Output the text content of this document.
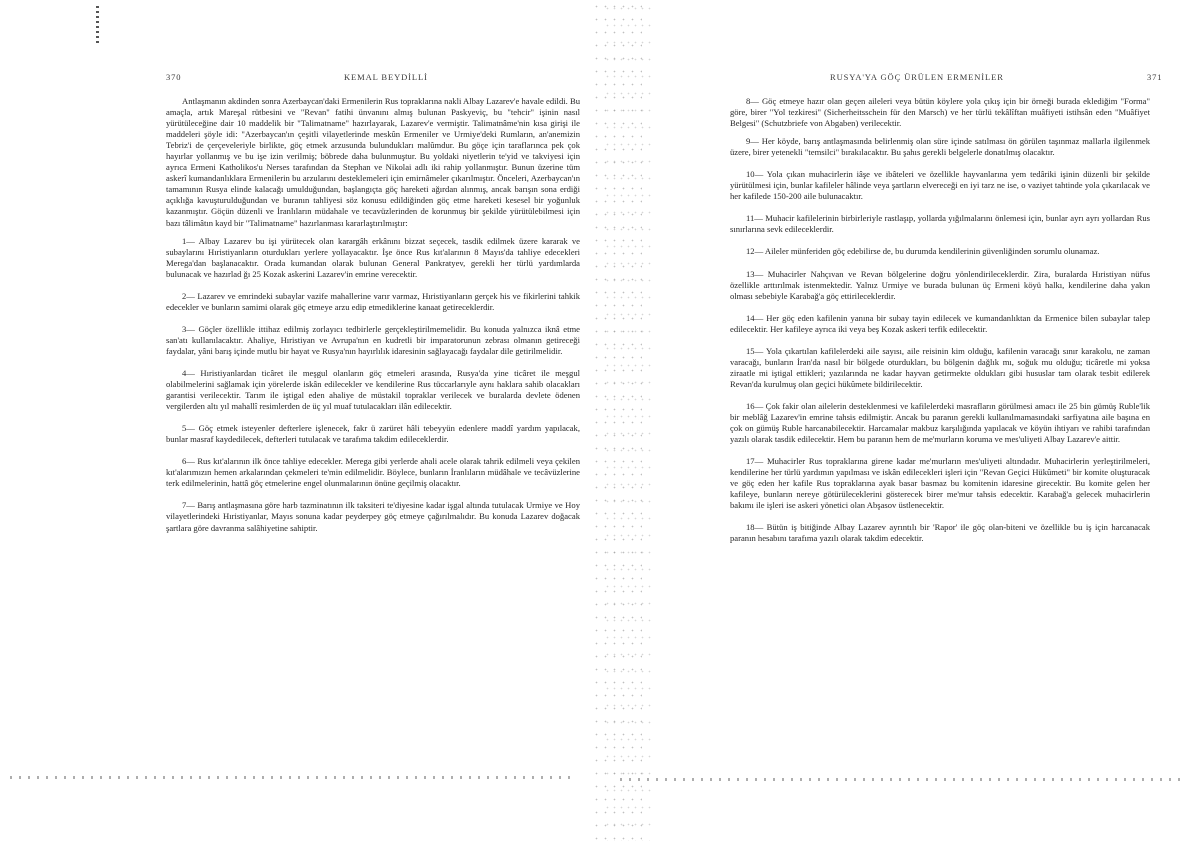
370	KEMAL BEYDİLLİ

Antlaşmanın akdinden sonra Azerbaycan'daki Ermenilerin Rus topraklarına nakli Albay Lazarev'e havale edildi. Bu amaçla, artık Mareşal rütbesini ve "Revan" fatihi ünvanını almış bulunan Paskyeviç, bu "tehcir" işinin nasıl yürütüleceğine dair 10 maddelik bir "Talimatname" hazırlayarak, Lazarev'e vermiştir. Talimatnâme'nin kısa girişi ile maddeleri şöyle idi: "Azerbaycan'ın çeşitli vilayetlerinde meskûn Ermeniler ve Urmiye'deki Rumların, an'anemizin Tebriz'i de çerçeveleriyle birlikte, göç etmek arzusunda bulundukları malûmdur. Bu göçe için taraflarınca pek çok hayırlar yollanmış ve bu işe izin verilmiş; böbrede daha bulunmuştur. Bu yoldaki niyetlerin te'yid ve takviyesi için ayrıca Ermeni Katholikos'u Nerses tarafından da Stephan ve Nikolai adlı iki rahip yollanmıştır. Bunun üzerine tüm askerî kumandanlıklara Ermenilerin bu arzularını desteklemeleri için emirnâmeler çıkarılmıştır. Önceleri, Azerbaycan'ın tamamının Rusya elinde kalacağı umulduğundan, başlangıçta göç hareketi ağırdan alınmış, ancak barışın sona erdiği açıklığa kavuşturulduğundan ve buranın tahliyesi söz konusu edildiğinden göç etme hareketi kesesel bir yoğunluk kazanmıştır. Göçün düzenli ve İranlıların müdahale ve tecavüzlerinden de korunmuş bir şekilde yürütülebilmesi için bazı tâlimâtın kayd bir "Talimatname" hazırlanması kararlaştırılmıştır:

1— Albay Lazarev bu işi yürütecek olan karargâh erkânını bizzat seçecek, tasdik edilmek üzere kararak ve subaylarını Hıristiyanların oturdukları yerlere yollayacaktır. İşe önce Rus kıt'alarının 8 Mayıs'da tahliye edecekleri Merega'dan başlanacaktır. Orada kumandan olarak bulunan General Pankratyev, gerekli her türlü yardımlarda bulunacak ve hazırlad ğı 25 Kozak askerini Lazarev'in emrine verecektir.

2— Lazarev ve emrindeki subaylar vazife mahallerine varır varmaz, Hıristiyanların gerçek his ve fikirlerini tahkik edecekler ve bunların samimi olarak göç etmeye arzu edip etmediklerine kanaat getireceklerdir.

3— Göçler özellikle ittihaz edilmiş zorlayıcı tedbirlerle gerçekleştirilmemelidir. Bu konuda yalnızca iknâ etme san'atı kullanılacaktır. Ahaliye, Hıristiyan ve Avrupa'nın en kudretli bir imparatorunun zebrası olmanın getireceği faydalar, yâni barış içinde mutlu bir hayat ve Rusya'nın hayırlılık idaresinin sağlayacağı faydalar dile getirilmelidir.

4— Hıristiyanlardan ticâret ile meşgul olanların göç etmeleri arasında, Rusya'da yine ticâret ile meşgul olabilmelerini sağlamak için yörelerde iskân edilecekler ve kendilerine Rus tüccarlarıyle aynı haklara sahib olacakları garantisi verilecektir. Tarım ile iştigal eden ahaliye de müstakil topraklar verilecek ve buralarda devlete ödenen vergilerden altı yıl mahallî resimlerden de üç yıl muaf tutulacakları ilân edilecektir.

5— Göç etmek isteyenler defterlere işlenecek, fakr ü zarüret hâli tebeyyün edenlere maddî yardım yapılacak, bunlar masraf kaydedilecek, defterleri tutulacak ve tarafıma takdim edileceklerdir.

6— Rus kıt'alarının ilk önce tahliye edecekler. Merega gibi yerlerde ahali acele olarak tahrik edilmeli veya çekilen kıt'alarımızın hemen arkalarından çekmeleri te'min edilmelidir. Böylece, bunların İranlıların müdâhale ve tecâvüzlerine terk edilmelerinin, hattâ göç etmelerine engel olunmalarının önüne geçilmiş olacaktır.

7— Barış antlaşmasına göre harb tazminatının ilk taksiteri te'diyesine kadar işgal altında tutulacak Urmiye ve Hoy vilayetlerindeki Hıristiyanlar, Mayıs sonuna kadar peyderpey göç etmeye çağırılmalıdır. Bu konuda Lazarev doğacak şartlara göre davranma salâhiyetine sahiptir.

RUSYA'YA GÖÇ ÜRÜLEN ERMENİLER	371

8— Göç etmeye hazır olan geçen aileleri veya bütün köylere yola çıkış için bir örneği burada eklediğim "Forma" göre, birer "Yol tezkiresi" (Sicherheitsschein für den Marsch) ve her türlü tekâlîftan muâfiyeti istihsân eden "Muâfiyet Belgesi" (Schutzbriefe von Abgaben) verilecektir.

9— Her köyde, barış antlaşmasında belirlenmiş olan süre içinde satılması ön görülen taşınmaz mallarla ilgilenmek üzere, birer yetenekli "temsilci" bırakılacaktır. Bu şahıs gerekli belgelerle donatılmış olacaktır.

10— Yola çıkan muhacirlerin iâşe ve ibâteleri ve özellikle hayvanlarına yem tedâriki işinin düzenli bir şekilde yürütülmesi için, bunlar kafileler hâlinde veya şartların elvereceği en iyi tarz ne ise, o vaziyet tahtinde yola çıkarılacak ve her kafilede 150-200 aile bulunacaktır.

11— Muhacir kafilelerinin birbirleriyle rastlaşıp, yollarda yığılmalarını önlemesi için, bunlar ayrı ayrı yollardan Rus sınırlarına sevk edileceklerdir.

12— Aileler münferiden göç edebilirse de, bu durumda kendilerinin güvenliğinden sorumlu olunamaz.

13— Muhacirler Nahçıvan ve Revan bölgelerine doğru yönlendirileceklerdir. Zira, buralarda Hıristiyan nüfus özellikle arttırılmak istenmektedir. Yalnız Urmiye ve burada bulunan üç Ermeni köyü halkı, kendilerine daha yakın olması sebebiyle Karabağ'a göç ettirileceklerdir.

14— Her göç eden kafilenin yanına bir subay tayin edilecek ve kumandanlıktan da Ermenice bilen subaylar talep edilecektir. Her kafileye ayrıca iki veya beş Kozak askeri terfik edilecektir.

15— Yola çıkartılan kafilelerdeki aile sayısı, aile reisinin kim olduğu, kafilenin varacağı sınır karakolu, ne zaman varacağı, bunların İran'da nasıl bir bölgede oturdukları, bu bölgenin dağlık mı, soğuk mu olduğu; ticâretle mi yoksa ziraatle mi iştigal ettikleri; yazılarında ne kadar hayvan getirmekte oldukları gibi hususlar tam olarak tesbit edilerek Revan'da kurulmuş olan geçici hükûmete bildirilecektir.

16— Çok fakir olan ailelerin desteklenmesi ve kafilelerdeki masrafların görülmesi amacı ile 25 bin gümüş Ruble'lik bir meblâğ Lazarev'in emrine tahsis edilmiştir. Ancak bu paranın gerekli kullanılmamasındaki sarfiyatına aile başına en çok on gümüş Ruble harcanabilecektir. Harcamalar makbuz karşılığında yapılacak ve köyün ihtiyarı ve rahibi tarafından yazılı olarak tasdik edilecektir. Hem bu paranın hem de me'murların koruma ve mes'uliyeti Albay Lazarev'e aittir.

17— Muhacirler Rus topraklarına girene kadar me'murların mes'uliyeti altındadır. Muhacirlerin yerleştirilmeleri, kendilerine her türlü yardımın yapılması ve iskân edilecekleri işleri için "Revan Geçici Hükûmeti" bir komite oluşturacak ve göç eden her kafile Rus topraklarına ayak basar basmaz bu komitenin idaresine girecektir. Bu komite gelen her kafileye, bunların nereye götürüleceklerini gösterecek birer me'mur tahsis edecektir. Karabağ'a gelecek muhacirlerin bakımı ile işleri ise askeri yönetici olan Abşasov üstlenecektir.

18— Bütün iş bitiğinde Albay Lazarev ayrıntılı bir 'Rapor' ile göç olan-biteni ve özellikle bu iş için harcanacak paranın hesabını tarafıma yazılı olarak takdim edecektir.
